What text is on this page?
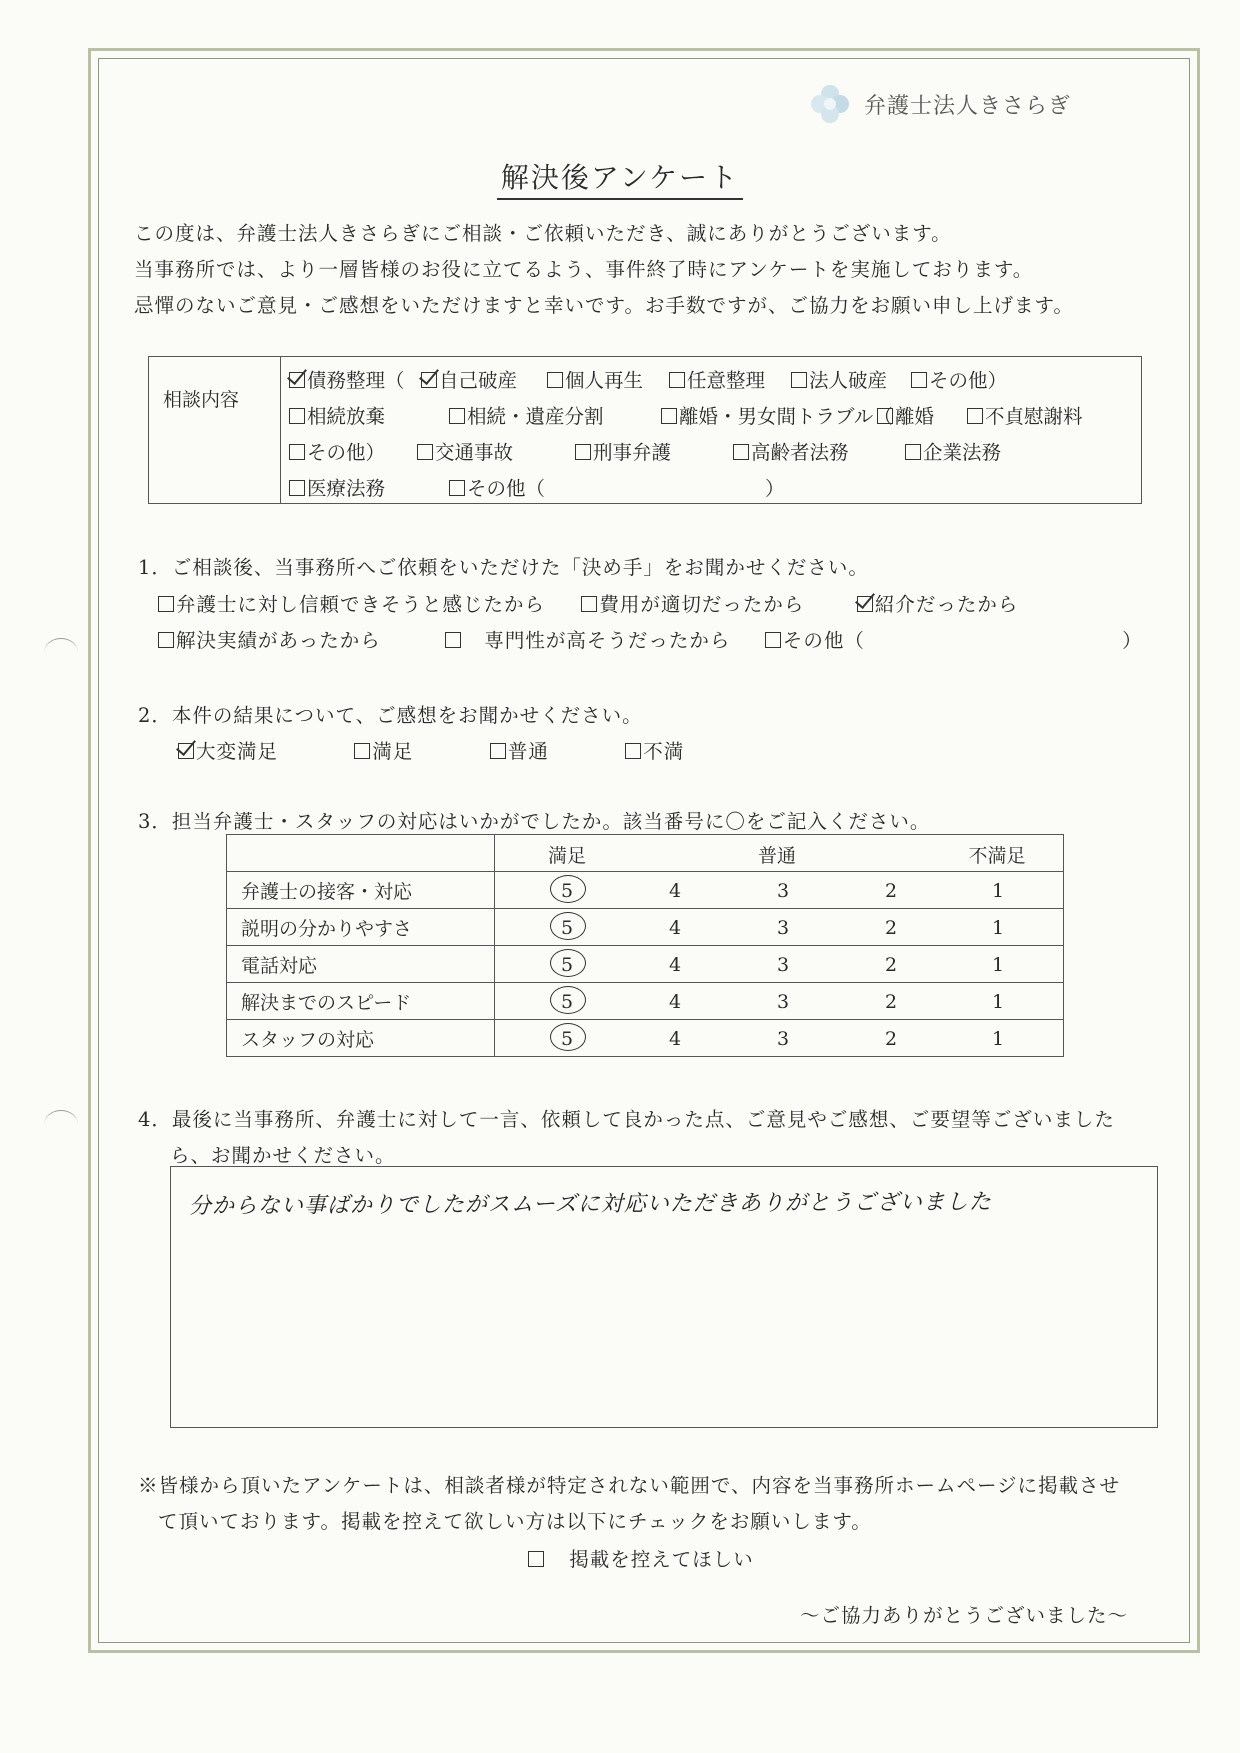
弁護士法人きさらぎ
解決後アンケート
この度は、弁護士法人きさらぎにご相談・ご依頼いただき、誠にありがとうございます。
当事務所では、より一層皆様のお役に立てるよう、事件終了時にアンケートを実施しております。
忌憚のないご意見・ご感想をいただけますと幸いです。お手数ですが、ご協力をお願い申し上げます。
相談内容
債務整理（	自己破産	個人再生	任意整理	法人破産	その他）
相続放棄	相続・遺産分割	離婚・男女間トラブル（ 離婚	不貞慰謝料
その他）	交通事故	刑事弁護	高齢者法務	企業法務
医療法務	その他（	）
1．ご相談後、当事務所へご依頼をいただけた「決め手」をお聞かせください。
弁護士に対し信頼できそうと感じたから	費用が適切だったから	紹介だったから
解決実績があったから	専門性が高そうだったから	その他（	）
2．本件の結果について、ご感想をお聞かせください。
大変満足	満足	普通	不満
3．担当弁護士・スタッフの対応はいかがでしたか。該当番号に〇をご記入ください。

	満足 普通 不満足

弁護士の接客・対応	5 4 3 2 1

説明の分かりやすさ	5 4 3 2 1

電話対応	5 4 3 2 1

解決までのスピード	5 4 3 2 1

スタッフの対応	5 4 3 2 1
4．最後に当事務所、弁護士に対して一言、依頼して良かった点、ご意見やご感想、ご要望等ございました
ら、お聞かせください。
分からない事ばかりでしたがスムーズに対応いただきありがとうございました
※皆様から頂いたアンケートは、相談者様が特定されない範囲で、内容を当事務所ホームページに掲載させ
て頂いております。掲載を控えて欲しい方は以下にチェックをお願いします。
掲載を控えてほしい
～ご協力ありがとうございました～
